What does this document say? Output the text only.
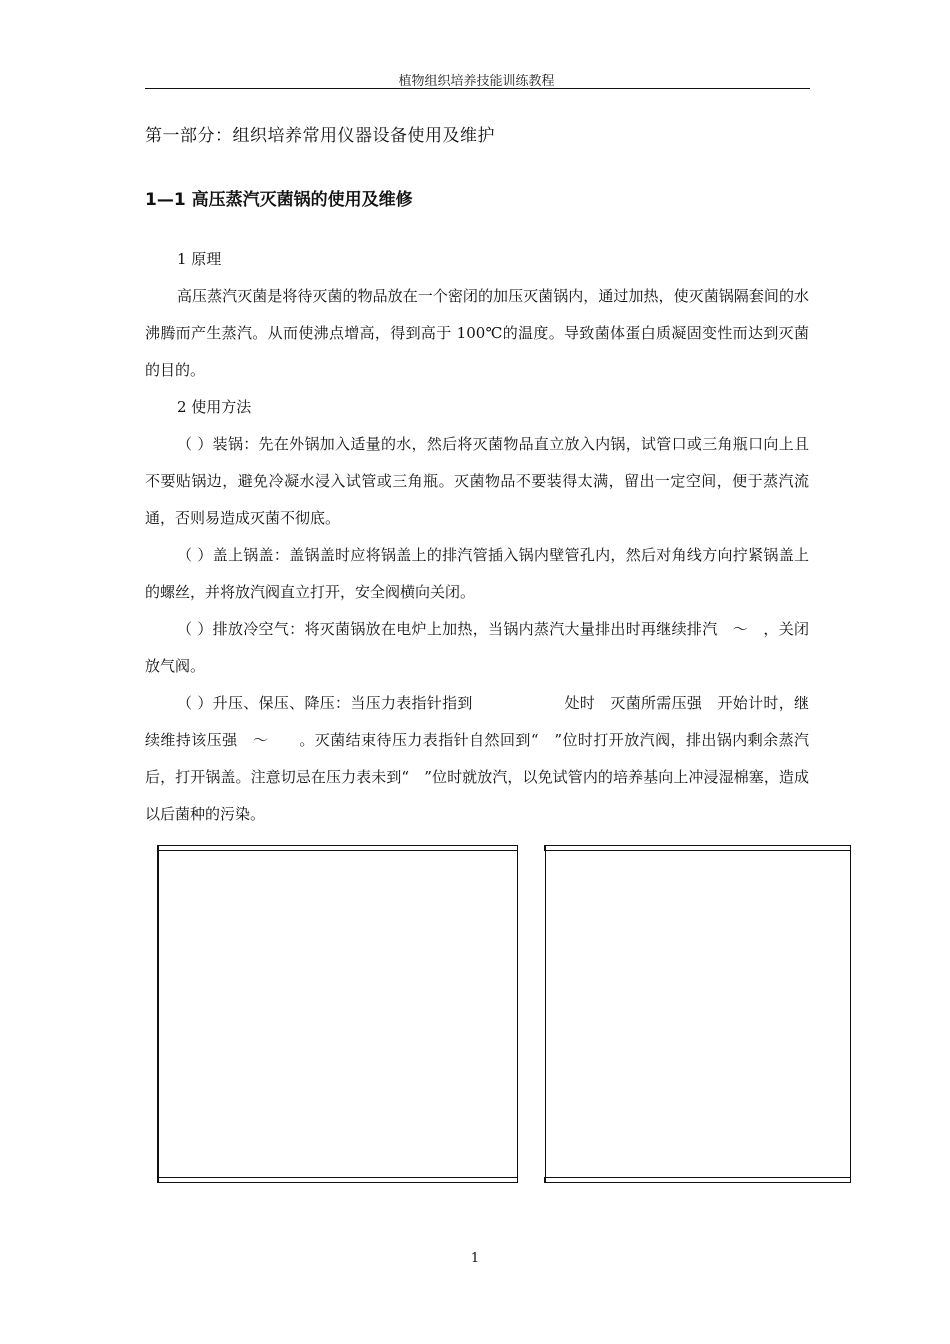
植物组织培养技能训练教程
第一部分：组织培养常用仪器设备使用及维护
1—1 高压蒸汽灭菌锅的使用及维修

1 原理

高压蒸汽灭菌是将待灭菌的物品放在一个密闭的加压灭菌锅内，通过加热，使灭菌锅隔套间的水沸腾而产生蒸汽。从而使沸点增高，得到高于 100℃的温度。导致菌体蛋白质凝固变性而达到灭菌的目的。

2 使用方法

（ ）装锅：先在外锅加入适量的水，然后将灭菌物品直立放入内锅，试管口或三角瓶口向上且不要贴锅边，避免冷凝水浸入试管或三角瓶。灭菌物品不要装得太满，留出一定空间，便于蒸汽流通，否则易造成灭菌不彻底。

（ ）盖上锅盖：盖锅盖时应将锅盖上的排汽管插入锅内壁管孔内，然后对角线方向拧紧锅盖上的螺丝，并将放汽阀直立打开，安全阀横向关闭。

（ ）排放冷空气：将灭菌锅放在电炉上加热，当锅内蒸汽大量排出时再继续排汽　～　，关闭放气阀。

（ ）升压、保压、降压：当压力表指针指到　　　　　　处时　灭菌所需压强　开始计时，继续维持该压强　～　　。灭菌结束待压力表指针自然回到“　”位时打开放汽阀，排出锅内剩余蒸汽后，打开锅盖。注意切忌在压力表未到“　”位时就放汽，以免试管内的培养基向上冲浸湿棉塞，造成以后菌种的污染。

1
